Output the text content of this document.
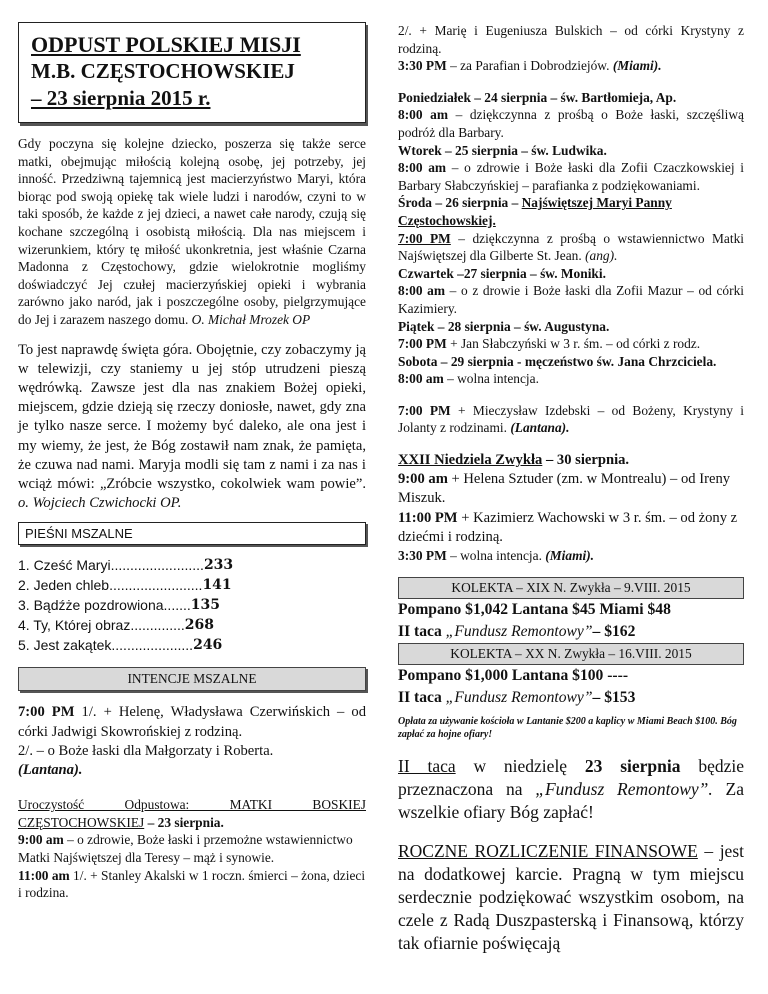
ODPUST POLSKIEJ MISJI
M.B. CZĘSTOCHOWSKIEJ
– 23 sierpnia 2015 r.

Gdy poczyna się kolejne dziecko, poszerza się także serce matki, obejmując miłością kolejną osobę, jej potrzeby, jej inność. Przedziwną tajemnicą jest macierzyństwo Maryi, która biorąc pod swoją opiekę tak wiele ludzi i narodów, czyni to w taki sposób, że każde z jej dzieci, a nawet całe narody, czują się kochane szczególną i osobistą miłością. Dla nas miejscem i wizerunkiem, który tę miłość ukonkretnia, jest właśnie Czarna Madonna z Częstochowy, gdzie wielokrotnie mogliśmy doświadczyć Jej czułej macierzyńskiej opieki i wybrania zarówno jako naród, jak i poszczególne osoby, pielgrzymujące do Jej i zarazem naszego domu. O. Michał Mrozek OP

To jest naprawdę święta góra. Obojętnie, czy zobaczymy ją w telewizji, czy staniemy u jej stóp utrudzeni pieszą wędrówką. Zawsze jest dla nas znakiem Bożej opieki, miejscem, gdzie dzieją się rzeczy doniosłe, nawet, gdy zna je tylko nasze serce. I możemy być daleko, ale ona jest i my wiemy, że jest, że Bóg zostawił nam znak, że pamięta, że czuwa nad nami. Maryja modli się tam z nami i za nas i wciąż mówi: „Zróbcie wszystko, cokolwiek wam powie”. o. Wojciech Czwichocki OP.

PIEŚNI MSZALNE
1. Cześć Maryi ........................ 233
2. Jeden chleb ........................ 141
3. Bądźże pozdrowiona ....... 135
4. Ty, Której obraz .............. 268
5. Jest zakątek ..................... 246
INTENCJE MSZALNE

7:00 PM 1/. + Helenę, Władysława Czerwińskich – od córki Jadwigi Skowrońskiej z rodziną.

2/. – o Boże łaski dla Małgorzaty i Roberta.
(Lantana).

Uroczystość Odpustowa: MATKI BOSKIEJ CZĘSTOCHOWSKIEJ – 23 sierpnia.

9:00 am – o zdrowie, Boże łaski i przemożne wstawiennictwo Matki Najświętszej dla Teresy – mąż i synowie.

11:00 am 1/. + Stanley Akalski w 1 roczn. śmierci – żona, dzieci i rodzina.

2/. + Marię i Eugeniusza Bulskich – od córki Krystyny z rodziną.
3:30 PM – za Parafian i Dobrodziejów. (Miami).

Poniedziałek – 24 sierpnia – św. Bartłomieja, Ap.

8:00 am – dziękczynna z prośbą o Boże łaski, szczęśliwą podróż dla Barbary.

Wtorek – 25 sierpnia – św. Ludwika.

8:00 am – o zdrowie i Boże łaski dla Zofii Czaczkowskiej i Barbary Słabczyńskiej – parafianka z podziękowaniami.

Środa – 26 sierpnia – Najświętszej Maryi Panny Częstochowskiej.

7:00 PM – dziękczynna z prośbą o wstawiennictwo Matki Najświętszej dla Gilberte St. Jean. (ang).

Czwartek –27 sierpnia – św. Moniki.

8:00 am – o z drowie i Boże łaski dla Zofii Mazur – od córki Kazimiery.

Piątek – 28 sierpnia – św. Augustyna.

7:00 PM + Jan Słabczyński w 3 r. śm. – od córki z rodz.

Sobota – 29 sierpnia - męczeństwo św. Jana Chrzciciela.

8:00 am – wolna intencja.

7:00 PM + Mieczysław Izdebski – od Bożeny, Krystyny i Jolanty z rodzinami. (Lantana).

XXII Niedziela Zwykła – 30 sierpnia.

9:00 am + Helena Sztuder (zm. w Montrealu) – od Ireny Miszuk.

11:00 PM + Kazimierz Wachowski w 3 r. śm. – od żony z dziećmi i rodziną.

3:30 PM – wolna intencja. (Miami).

KOLEKTA – XIX N. Zwykła – 9.VIII. 2015
Pompano $1,042 Lantana $45 Miami $48
II taca „Fundusz Remontowy”– $162
KOLEKTA – XX N. Zwykła – 16.VIII. 2015
Pompano $1,000 Lantana $100 ----
II taca „Fundusz Remontowy”– $153

Opłata za używanie kościoła w Lantanie $200 a kaplicy w Miami Beach $100. Bóg zapłać za hojne ofiary!

II taca w niedzielę 23 sierpnia będzie przeznaczona na „Fundusz Remontowy”. Za wszelkie ofiary Bóg zapłać!

ROCZNE ROZLICZENIE FINANSOWE – jest na dodatkowej karcie. Pragną w tym miejscu serdecznie podziękować wszystkim osobom, na czele z Radą Duszpasterską i Finansową, którzy tak ofiarnie poświęcają
